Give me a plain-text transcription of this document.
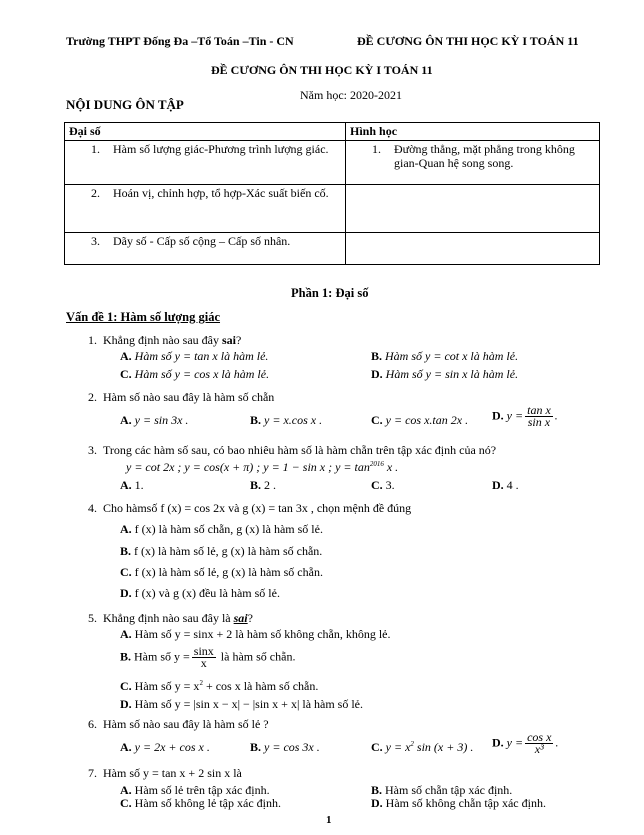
Trường THPT Đống Đa –Tổ Toán –Tin - CN	ĐỀ CƯƠNG ÔN THI HỌC KỲ I TOÁN 11
ĐỀ CƯƠNG ÔN THI HỌC KỲ I TOÁN 11
Năm học: 2020-2021
NỘI DUNG ÔN TẬP
Đại số	Hình học

1. Hàm số lượng giác-Phương trình lượng giác.	1. Đường thẳng, mặt phẳng trong không gian-Quan hệ song song.

2. Hoán vị, chỉnh hợp, tổ hợp-Xác suất biến cố.	

3. Dãy số - Cấp số cộng – Cấp số nhân.	

Phần 1: Đại số
Vấn đề 1: Hàm số lượng giác
1. Khẳng định nào sau đây sai?
A. Hàm số y = tan x là hàm lẻ.	B. Hàm số y = cot x là hàm lẻ.
C. Hàm số y = cos x là hàm lẻ.	D. Hàm số y = sin x là hàm lẻ.
2. Hàm số nào sau đây là hàm số chẵn
A. y = sin 3x .	B. y = x.cos x .	C. y = cos x.tan 2x . D. $y = \frac{\text{tan x}}{\text{sin x}}$ .
3. Trong các hàm số sau, có bao nhiêu hàm số là hàm chẵn trên tập xác định của nó?
y = cot 2x ; y = cos(x + π) ; y = 1 − sin x ; $y = \tan^{2016} x$ .
A. 1.	B. 2 .	C. 3.	D. 4 .
4. Cho hàmsố f (x) = cos 2x và g (x) = tan 3x , chọn mệnh đề đúng
A. f (x) là hàm số chẵn, g (x) là hàm số lẻ.
B. f (x) là hàm số lẻ, g (x) là hàm số chẵn.
C. f (x) là hàm số lẻ, g (x) là hàm số chẵn.
D. f (x) và g (x) đều là hàm số lẻ.
5. Khẳng định nào sau đây là sai?
A. Hàm số y = sinx + 2 là hàm số không chẵn, không lẻ.
B. Hàm số $y = \frac{\sin x}{x}$ là hàm số chẵn.
C. Hàm số $y = x^2 + \cos x$ là hàm số chẵn.
D. Hàm số y = |sin x − x| − |sin x + x| là hàm số lẻ.
6. Hàm số nào sau đây là hàm số lẻ ?
A. y = 2x + cos x .	B. y = cos 3x .	C. $y = x^2$ sin (x + 3) . D. $y = \frac{\text{cos x}}{\text{x³}}$ .
7. Hàm số y = tan x + 2 sin x là
A. Hàm số lẻ trên tập xác định.	B. Hàm số chẵn tập xác định.
C. Hàm số không lẻ tập xác định.	D. Hàm số không chẵn tập xác định.
1
